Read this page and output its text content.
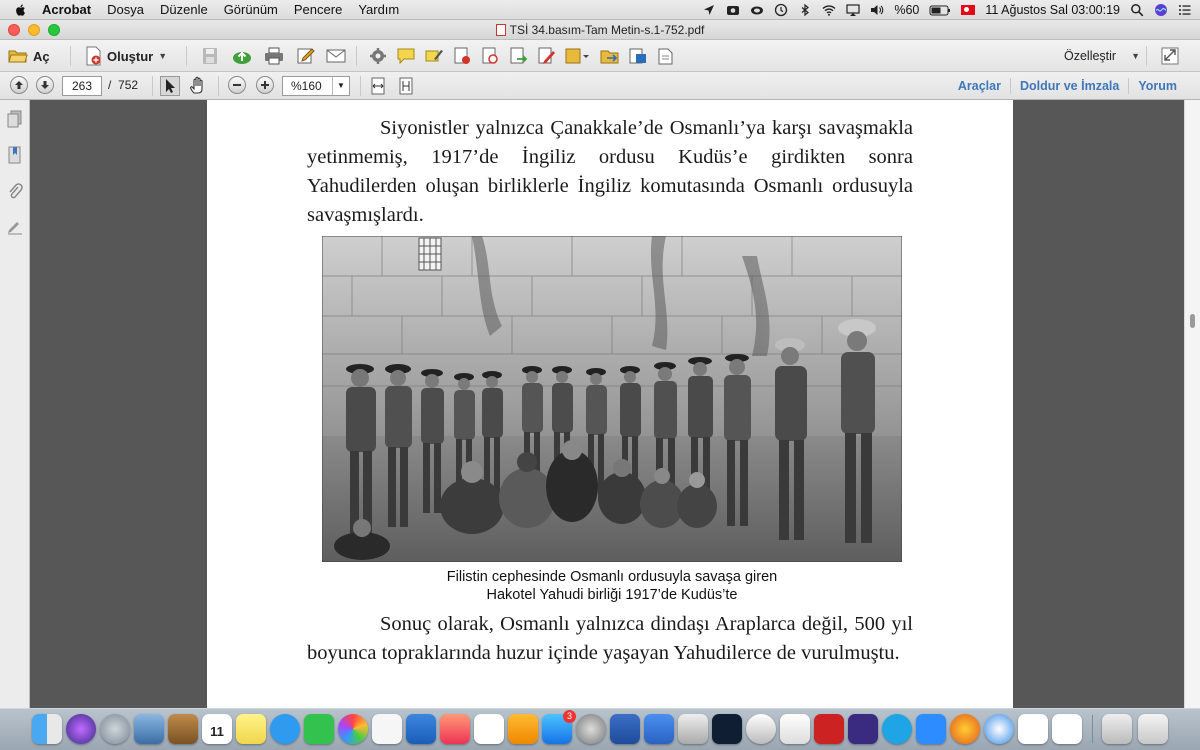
Acrobat	Dosya	Düzenle	Görünüm	Pencere	Yardım	%60	11 Ağustos Sal 03:00:19
TSİ 34.basım-Tam Metin-s.1-752.pdf
Aç	Oluştur ▼	Özelleştir ▼
263	/ 752	%160	▼	Araçlar	Doldur ve İmzala	Yorum

Siyonistler yalnızca Çanakkale’de Osmanlı’ya karşı savaşmakla yetinmemiş, 1917’de İngiliz ordusu Kudüs’e girdikten sonra Yahudilerden oluşan birliklerle İngiliz komutasında Osmanlı ordusuyla savaşmışlardı.

Filistin cephesinde Osmanlı ordusuyla savaşa giren
Hakotel Yahudi birliği 1917’de Kudüs’te

Sonuç olarak, Osmanlı yalnızca dindaşı Araplarca değil, 500 yıl boyunca topraklarında huzur içinde yaşayan Yahudilerce de vurulmuştu.

11
3
